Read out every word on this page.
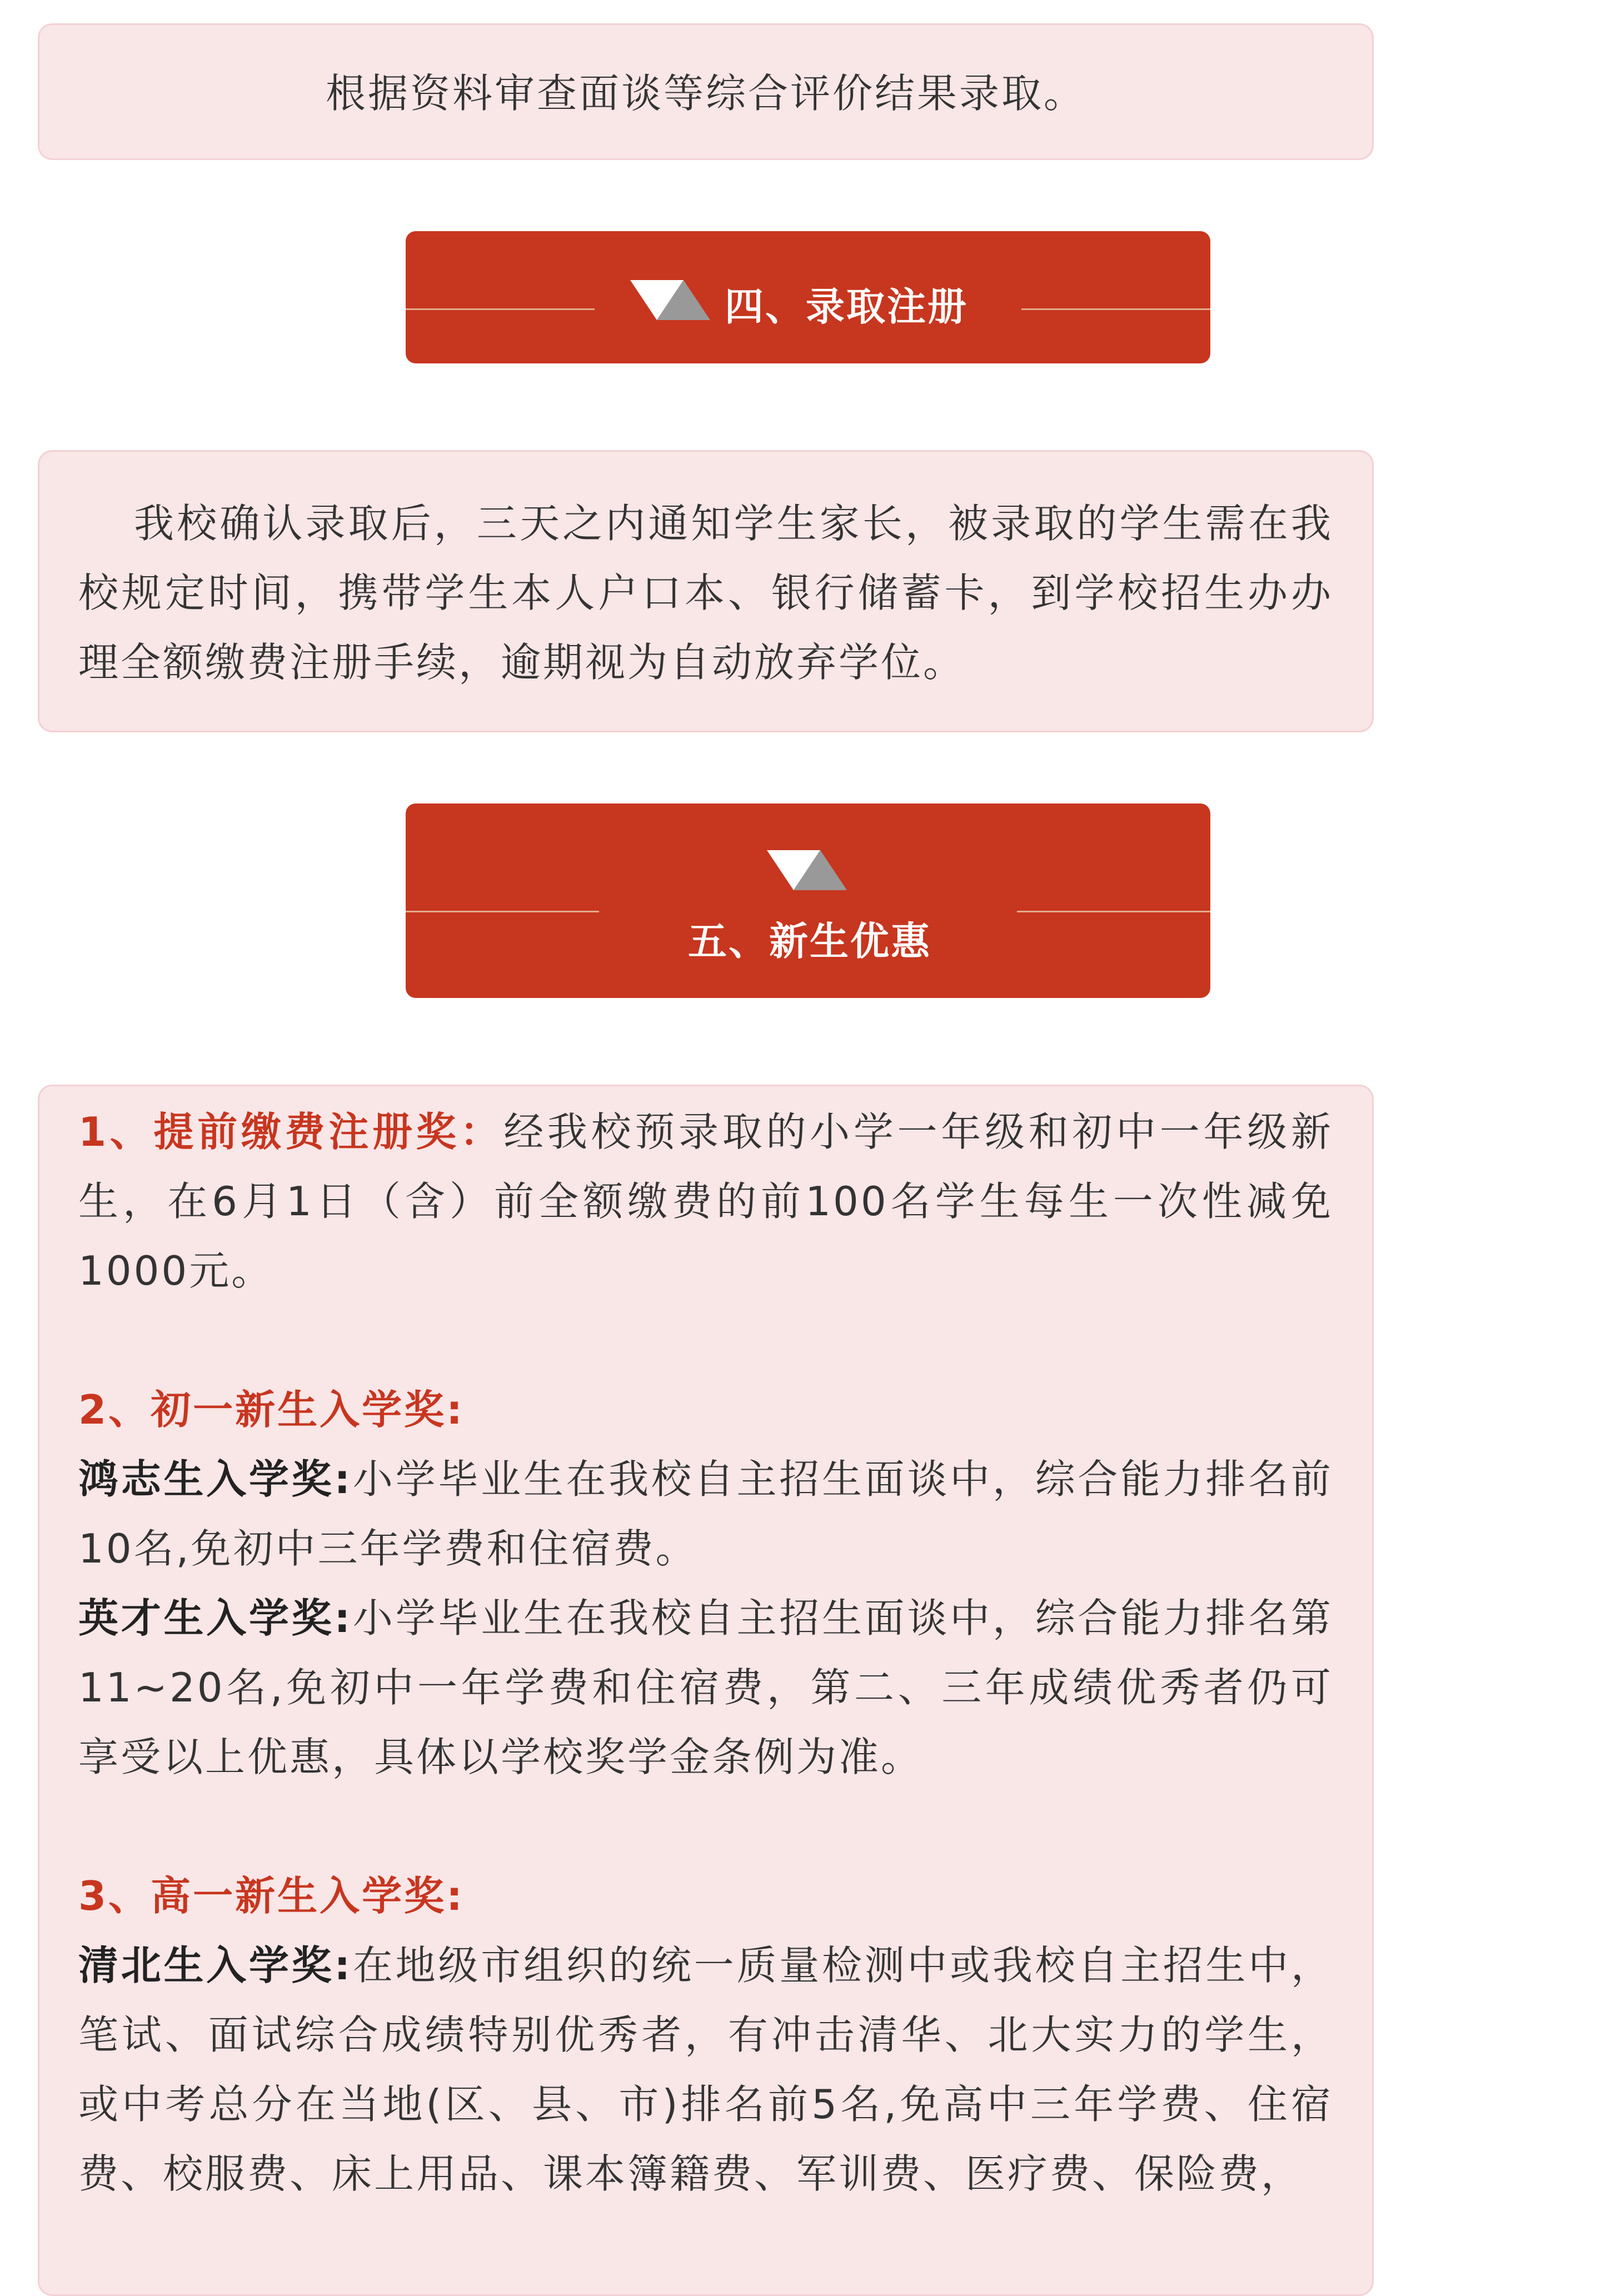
根据资料审查面谈等综合评价结果录取。

四、录取注册

我校确认录取后，三天之内通知学生家长，被录取的学生需在我校规定时间，携带学生本人户口本、银行储蓄卡，到学校招生办办理全额缴费注册手续，逾期视为自动放弃学位。

五、新生优惠

1、提前缴费注册奖：经我校预录取的小学一年级和初中一年级新生，在6月1日（含）前全额缴费的前100名学生每生一次性减免1000元。

2、初一新生入学奖:

鸿志生入学奖:小学毕业生在我校自主招生面谈中，综合能力排名前10名,免初中三年学费和住宿费。

英才生入学奖:小学毕业生在我校自主招生面谈中，综合能力排名第11~20名,免初中一年学费和住宿费，第二、三年成绩优秀者仍可享受以上优惠，具体以学校奖学金条例为准。

3、高一新生入学奖:

清北生入学奖:在地级市组织的统一质量检测中或我校自主招生中，笔试、面试综合成绩特别优秀者，有冲击清华、北大实力的学生，或中考总分在当地(区、县、市)排名前5名,免高中三年学费、住宿费、校服费、床上用品、课本簿籍费、军训费、医疗费、保险费，
